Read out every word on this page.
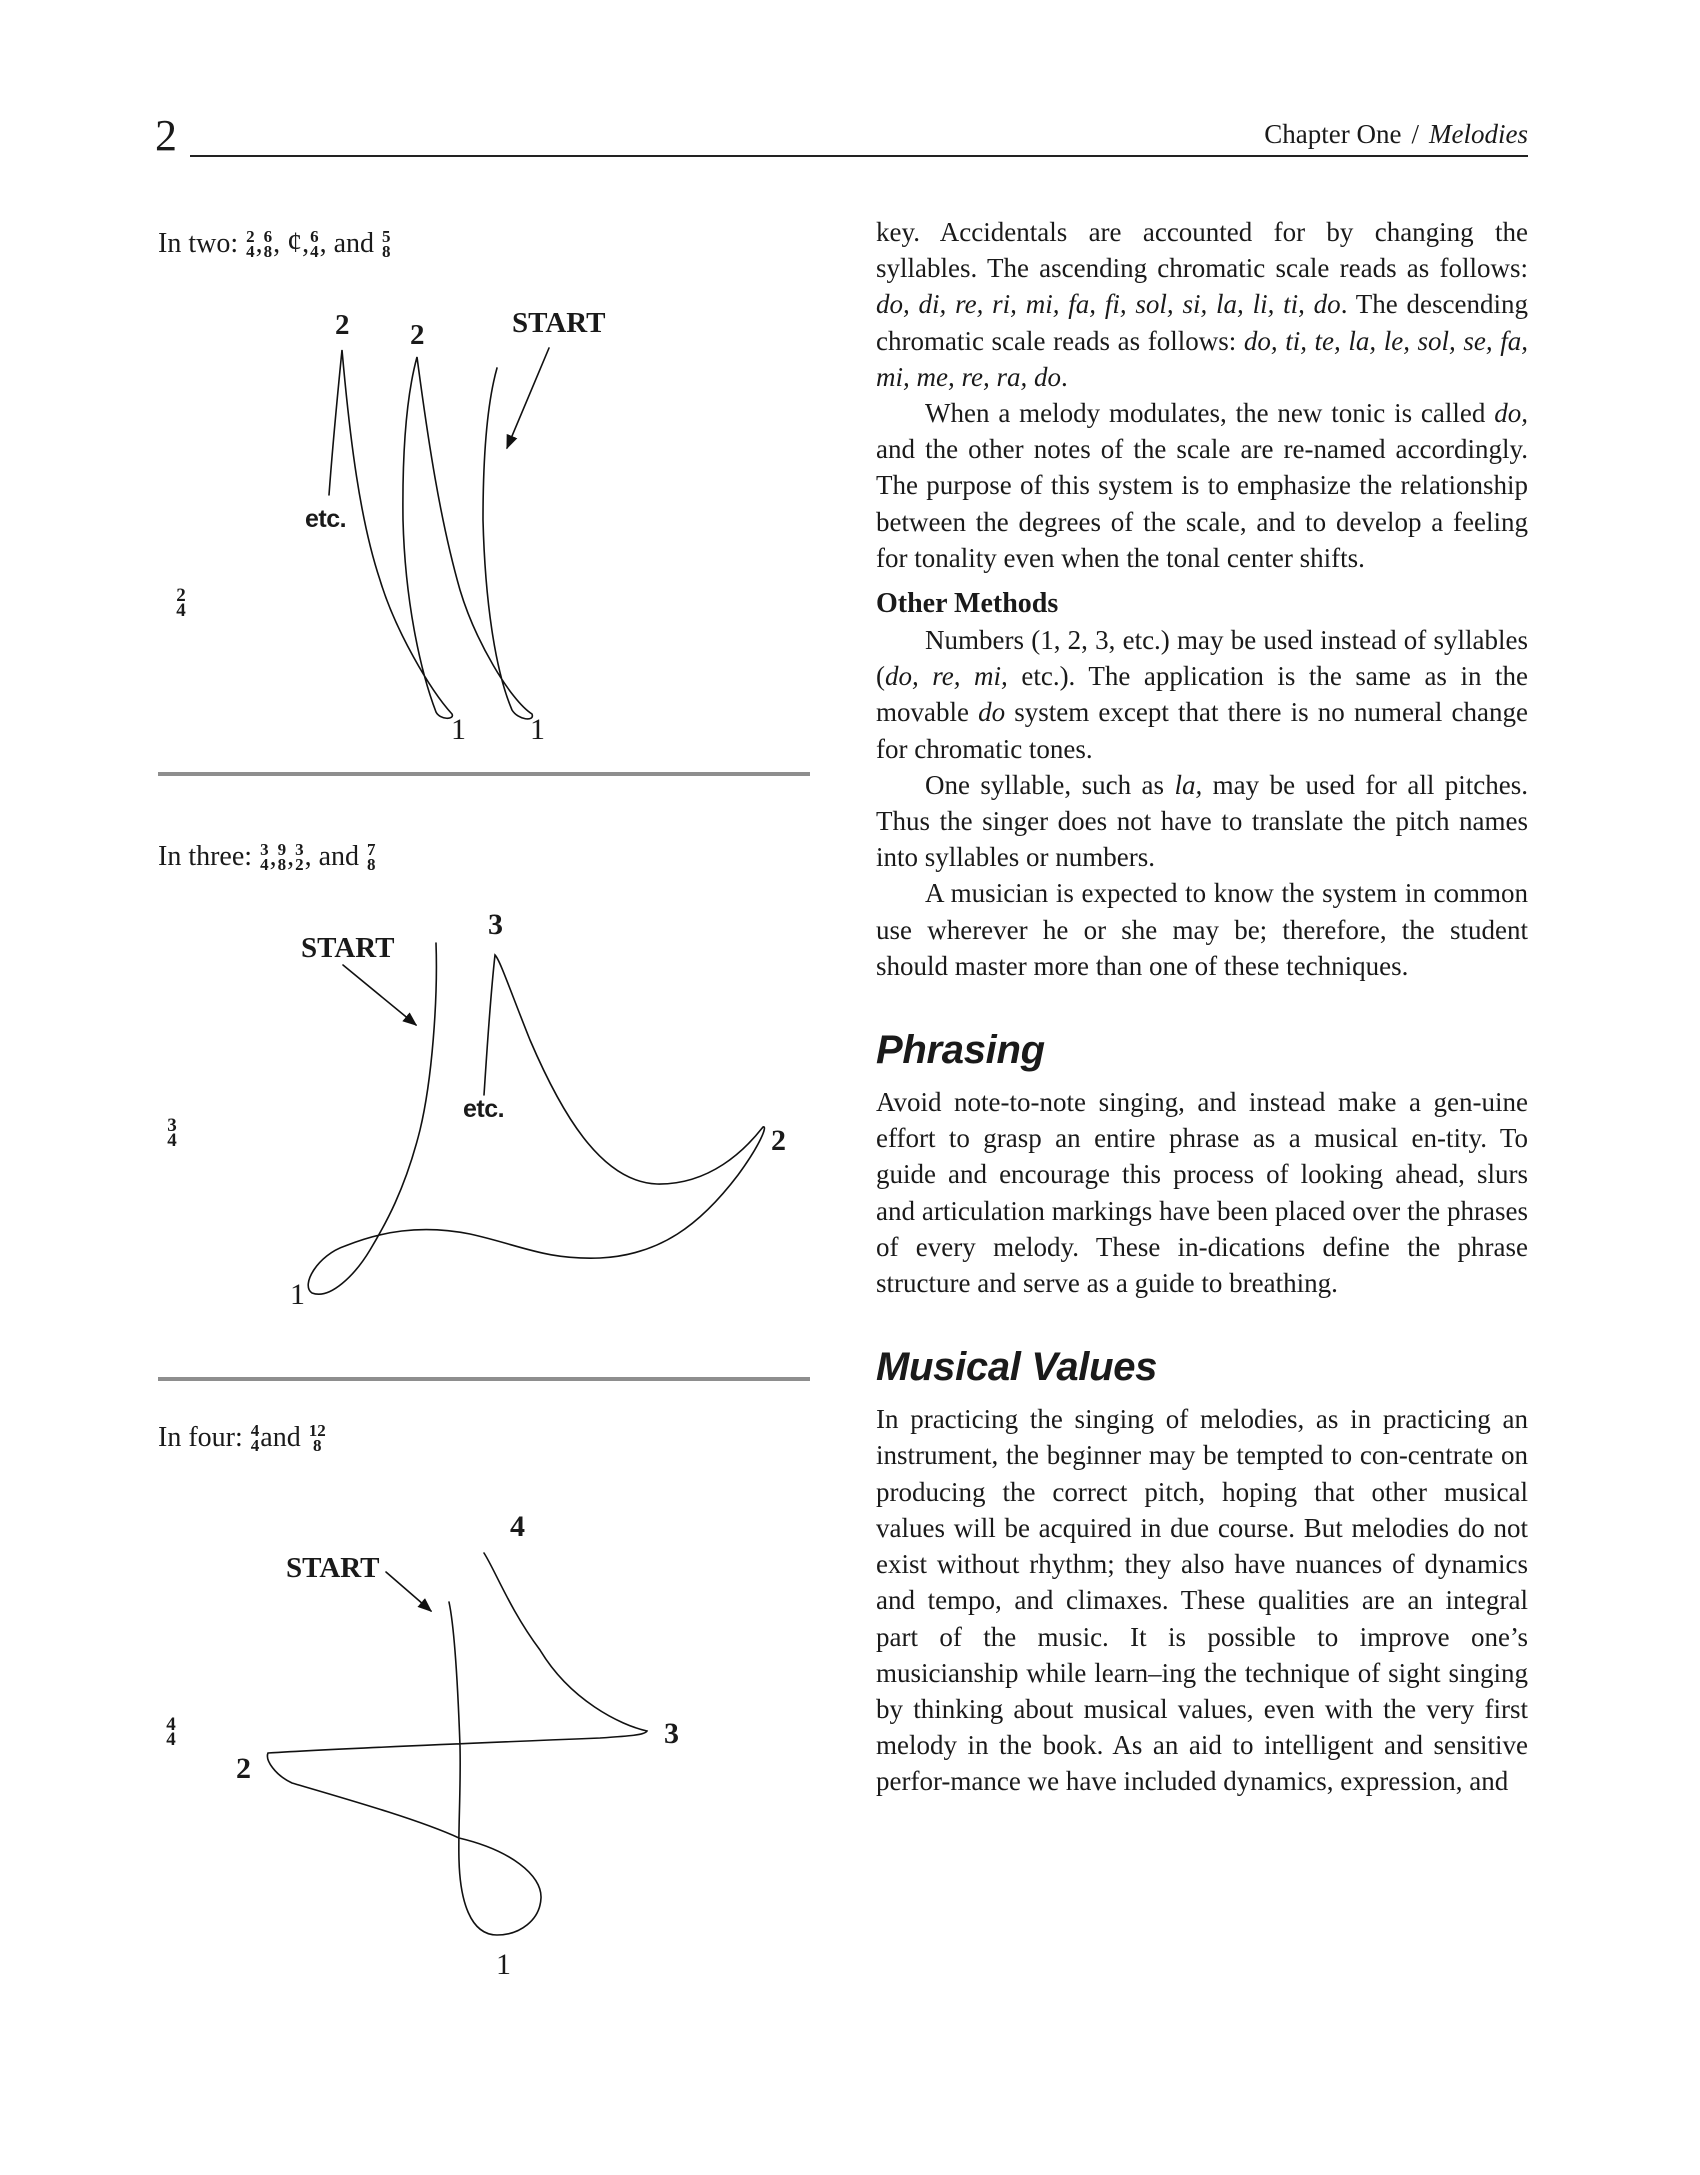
2	Chapter One / Melodies
In two: 2
4 , 6
8 , ¢, 6
4 , and 5
8
2
4
2 2	START
etc.
1 1
In three: 3
4 , 9
8 , 3
2 , and 7
8
3
4
START
3
etc.
2
1
In four: 4
4 and 12
8
4
4
4
START
3
2
1

key. Accidentals are accounted for by changing the syllables. The ascending chromatic scale reads as follows: do, di, re, ri, mi, fa, fi, sol, si, la, li, ti, do. The descending chromatic scale reads as follows: do, ti, te, la, le, sol, se, fa, mi, me, re, ra, do.

When a melody modulates, the new tonic is called do, and the other notes of the scale are re-named accordingly. The purpose of this system is to emphasize the relationship between the degrees of the scale, and to develop a feeling for tonality even when the tonal center shifts.

Other Methods

Numbers (1, 2, 3, etc.) may be used instead of syllables (do, re, mi, etc.). The application is the same as in the movable do system except that there is no numeral change for chromatic tones.

One syllable, such as la, may be used for all pitches. Thus the singer does not have to translate the pitch names into syllables or numbers.

A musician is expected to know the system in common use wherever he or she may be; therefore, the student should master more than one of these techniques.

Phrasing

Avoid note-to-note singing, and instead make a gen-uine effort to grasp an entire phrase as a musical en-tity. To guide and encourage this process of looking ahead, slurs and articulation markings have been placed over the phrases of every melody. These in-dications define the phrase structure and serve as a guide to breathing.

Musical Values

In practicing the singing of melodies, as in practicing an instrument, the beginner may be tempted to con-centrate on producing the correct pitch, hoping that other musical values will be acquired in due course. But melodies do not exist without rhythm; they also have nuances of dynamics and tempo, and climaxes. These qualities are an integral part of the music. It is possible to improve one’s musicianship while learn–ing the technique of sight singing by thinking about musical values, even with the very first melody in the book. As an aid to intelligent and sensitive perfor-mance we have included dynamics, expression, and
